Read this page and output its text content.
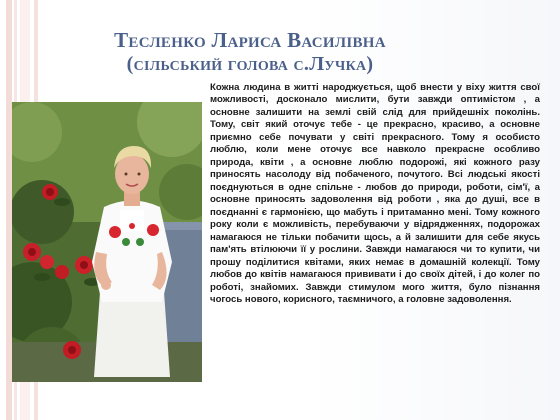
Тесленко Лариса Василівна
(сільський голова с.Лучка)

Кожна людина в житті народжується, щоб внести у віху життя свої можливості, досконало мислити, бути завжди оптимістом , а основне залишити на землі свій слід для прийдешніх поколінь. Тому, світ який оточує тебе - це прекрасно, красиво, а основне приємно себе почувати у світі прекрасного. Тому я особисто люблю, коли мене оточує все навколо прекрасне особливо природа, квіти , а основне люблю подорожі, які кожного разу приносять насолоду від побаченого, почутого. Всі людські якості поєднуються в одне спільне - любов до природи, роботи, сім'ї, а основне приносять задоволення від роботи , яка до душі, все в поєднанні є гармонією, що мабуть і притаманно мені. Тому кожного року коли є можливість, перебуваючи у відрядженнях, подорожах намагаюся не тільки побачити щось, а й залишити для себе якусь пам'ять втілюючи її у рослини. Завжди намагаюся чи то купити, чи прошу поділитися квітами, яких немає в домашній колекції. Тому любов до квітів намагаюся прививати і до своїх дітей, і до колег по роботі, знайомих. Завжди стимулом мого життя, було пізнання чогось нового, корисного, таємничого, а головне задоволення.
